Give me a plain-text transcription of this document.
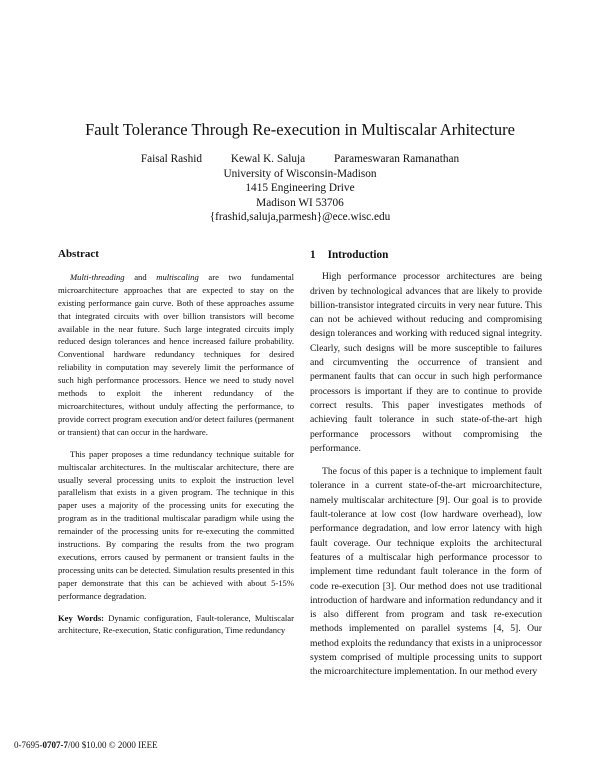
Fault Tolerance Through Re-execution in Multiscalar Arhitecture
Faisal Rashid	Kewal K. Saluja	Parameswaran Ramanathan
University of Wisconsin-Madison
1415 Engineering Drive
Madison WI 53706
{frashid,saluja,parmesh}@ece.wisc.edu
Abstract

Multi-threading and multiscaling are two fundamental microarchitecture approaches that are expected to stay on the existing performance gain curve. Both of these approaches assume that integrated circuits with over billion transistors will become available in the near future. Such large integrated circuits imply reduced design tolerances and hence increased failure probability. Conventional hardware redundancy techniques for desired reliability in computation may severely limit the performance of such high performance processors. Hence we need to study novel methods to exploit the inherent redundancy of the microarchitectures, without unduly affecting the performance, to provide correct program execution and/or detect failures (permanent or transient) that can occur in the hardware.

This paper proposes a time redundancy technique suitable for multiscalar architectures. In the multiscalar architecture, there are usually several processing units to exploit the instruction level parallelism that exists in a given program. The technique in this paper uses a majority of the processing units for executing the program as in the traditional multiscalar paradigm while using the remainder of the processing units for re-executing the committed instructions. By comparing the results from the two program executions, errors caused by permanent or transient faults in the processing units can be detected. Simulation results presented in this paper demonstrate that this can be achieved with about 5-15% performance degradation.

Key Words: Dynamic configuration, Fault-tolerance, Multiscalar architecture, Re-execution, Static configuration, Time redundancy

1 Introduction

High performance processor architectures are being driven by technological advances that are likely to provide billion-transistor integrated circuits in very near future. This can not be achieved without reducing and compromising design tolerances and working with reduced signal integrity. Clearly, such designs will be more susceptible to failures and circumventing the occurrence of transient and permanent faults that can occur in such high performance processors is important if they are to continue to provide correct results. This paper investigates methods of achieving fault tolerance in such state-of-the-art high performance processors without compromising the performance.

The focus of this paper is a technique to implement fault tolerance in a current state-of-the-art microarchitecture, namely multiscalar architecture [9]. Our goal is to provide fault-tolerance at low cost (low hardware overhead), low performance degradation, and low error latency with high fault coverage. Our technique exploits the architectural features of a multiscalar high performance processor to implement time redundant fault tolerance in the form of code re-execution [3]. Our method does not use traditional introduction of hardware and information redundancy and it is also different from program and task re-execution methods implemented on parallel systems [4, 5]. Our method exploits the redundancy that exists in a uniprocessor system comprised of multiple processing units to support the microarchitecture implementation. In our method every

0-7695-0707-7/00 $10.00 © 2000 IEEE
